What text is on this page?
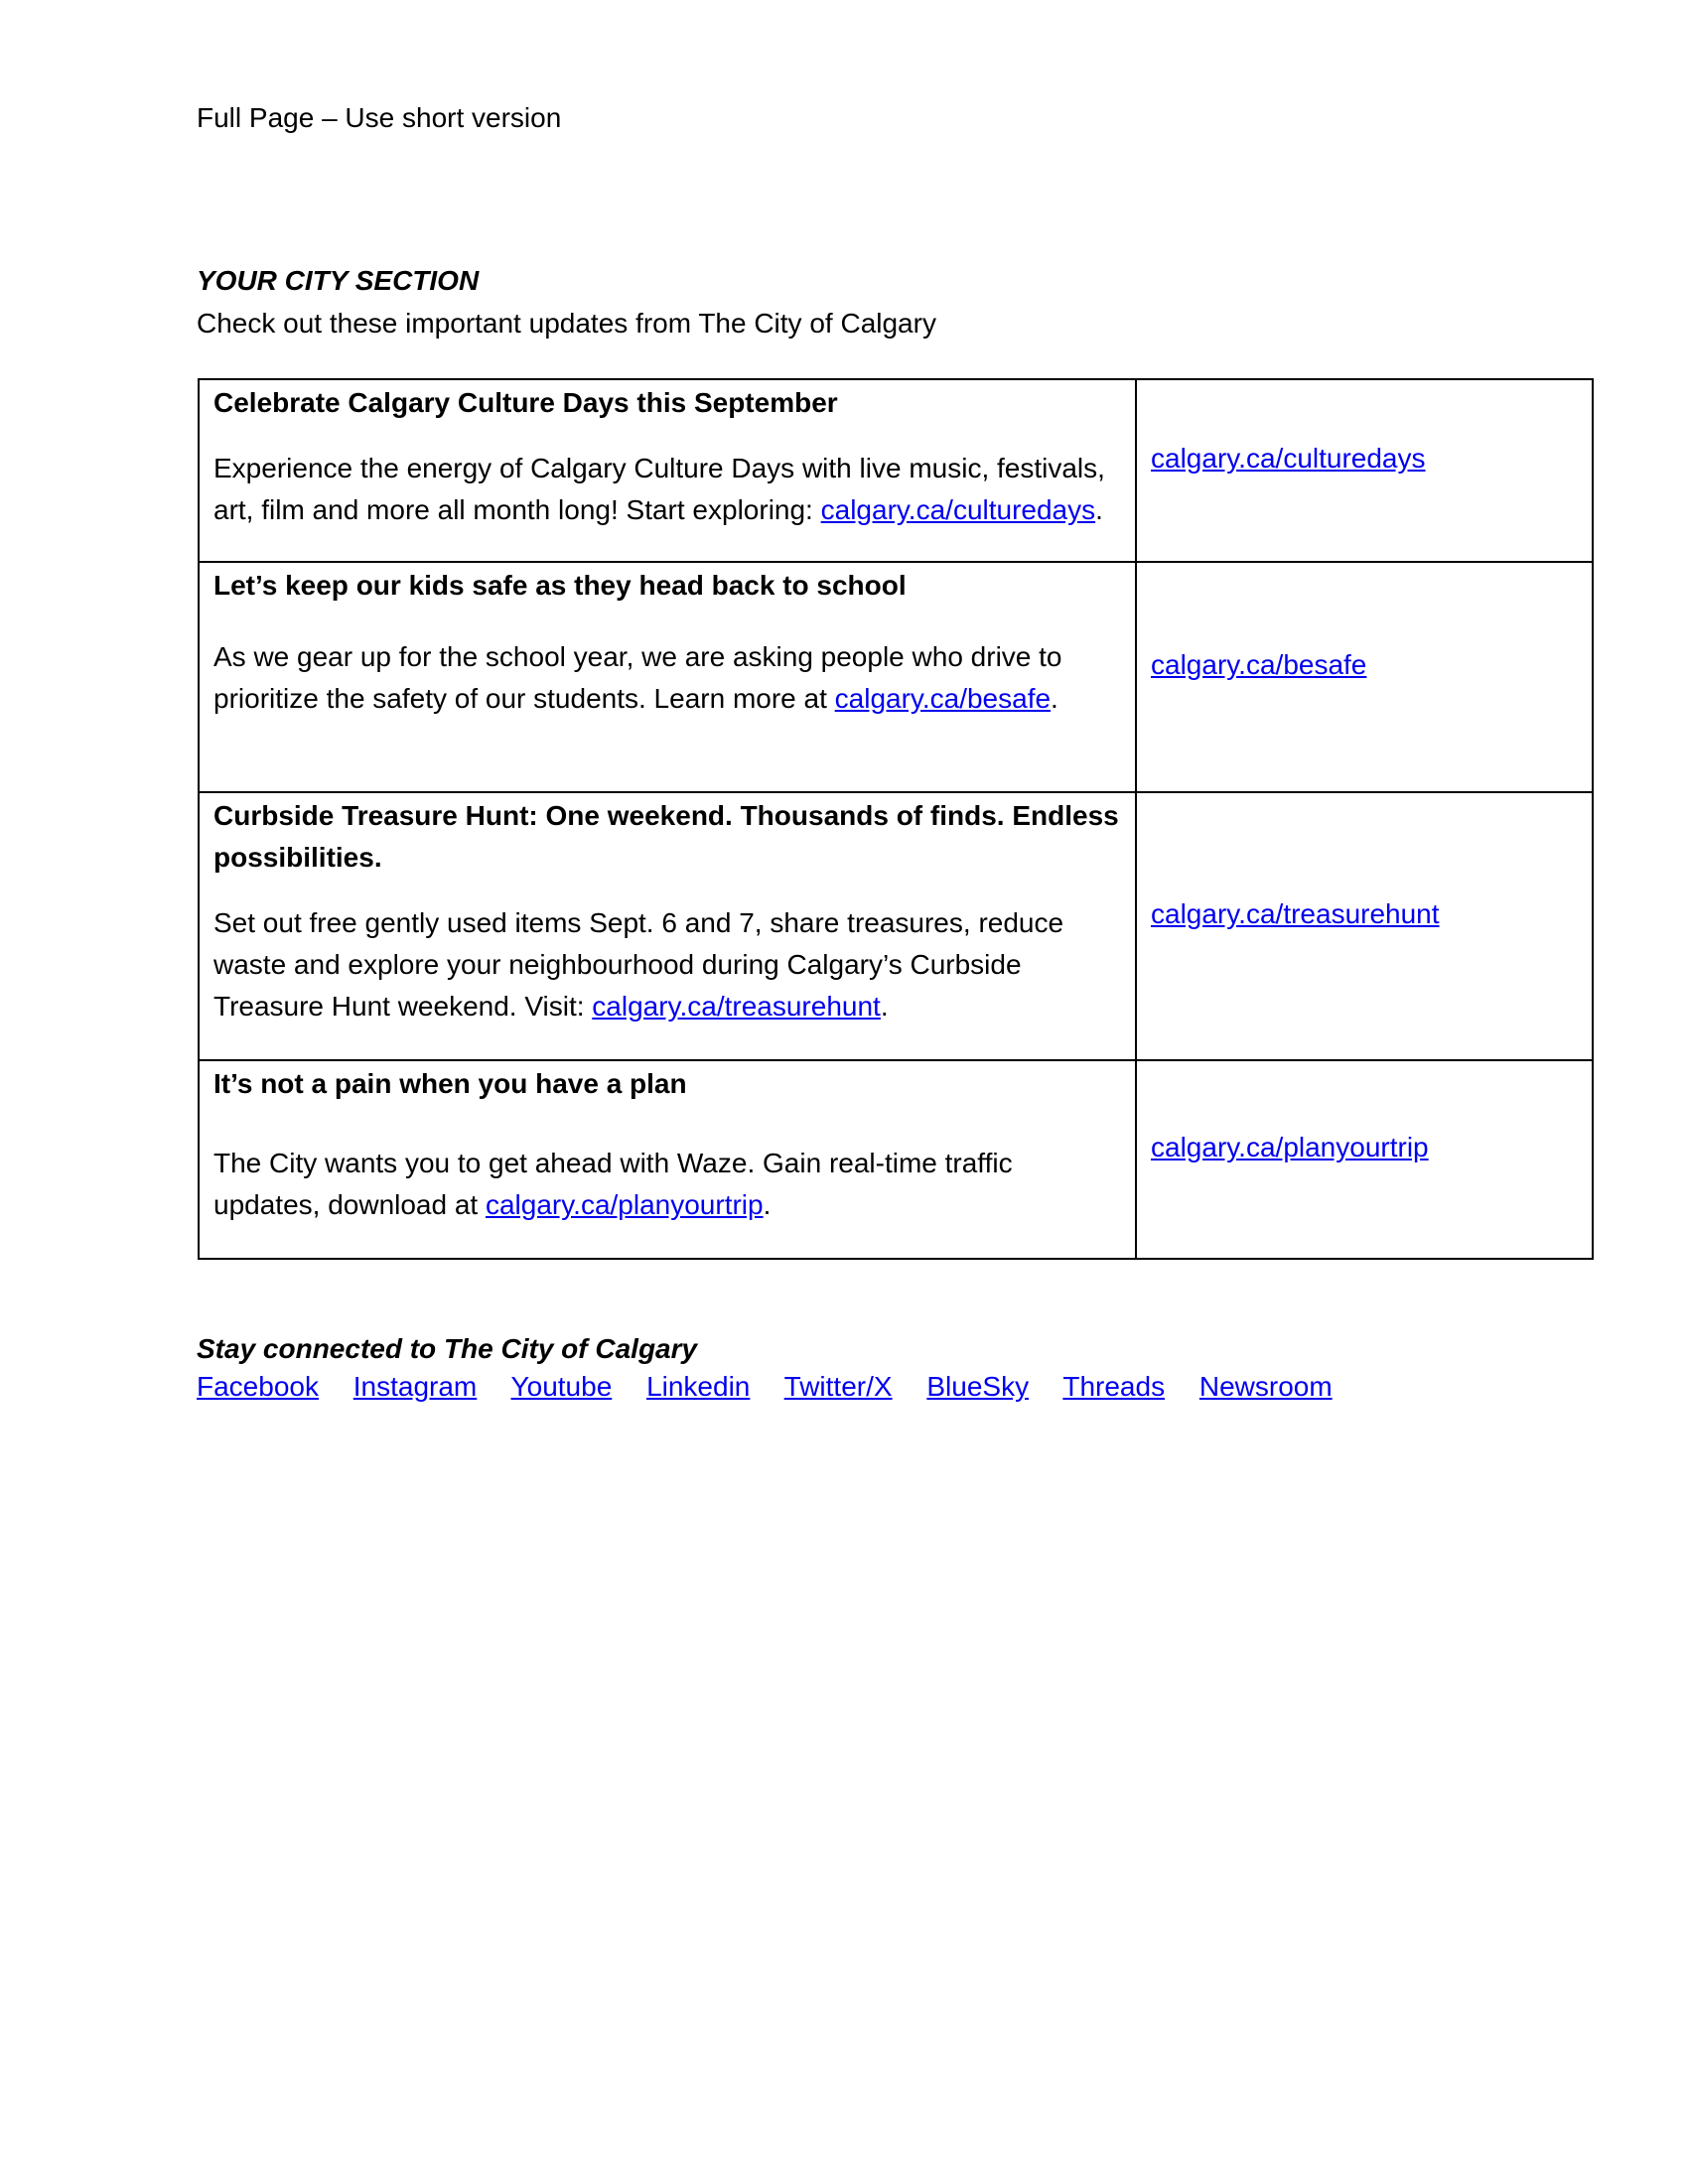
Full Page – Use short version
YOUR CITY SECTION
Check out these important updates from The City of Calgary
Celebrate Calgary Culture Days this September
Experience the energy of Calgary Culture Days with live music, festivals, art, film and more all month long! Start exploring: calgary.ca/culturedays.	calgary.ca/culturedays

Let’s keep our kids safe as they head back to school
As we gear up for the school year, we are asking people who drive to prioritize the safety of our students. Learn more at calgary.ca/besafe.	calgary.ca/besafe

Curbside Treasure Hunt: One weekend. Thousands of finds. Endless possibilities.
Set out free gently used items Sept. 6 and 7, share treasures, reduce waste and explore your neighbourhood during Calgary’s Curbside Treasure Hunt weekend. Visit: calgary.ca/treasurehunt.	calgary.ca/treasurehunt

It’s not a pain when you have a plan
The City wants you to get ahead with Waze. Gain real-time traffic updates, download at calgary.ca/planyourtrip.	calgary.ca/planyourtrip
Stay connected to The City of Calgary
Facebook Instagram Youtube Linkedin Twitter/X BlueSky Threads Newsroom
